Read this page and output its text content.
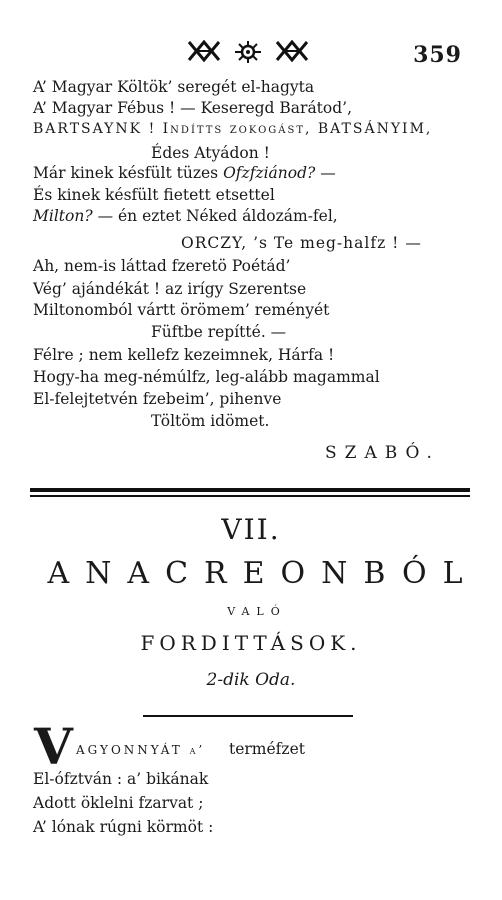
359
A’ Magyar Költök’ seregét el-hagyta
A’ Magyar Fébus ! — Keseregd Barátod’,
BARTSAYNK ! Indítts zokogást, BATSÁNYIM,
Édes Atyádon !
Már kinek késfült tüzes Ofzfziánod? —
És kinek késfült fietett etsettel
Milton? — én eztet Néked áldozám-fel,
ORCZY, ’s Te meg-halfz ! —
Ah, nem-is láttad fzeretö Poétád’
Vég’ ajándékát ! az irígy Szerentse
Miltonomból vártt örömem’ reményét
Füftbe repítté. —
Félre ; nem kellefz kezeimnek, Hárfa !
Hogy-ha meg-némúlfz, leg-alább magammal
El-felejtetvén fzebeim’, pihenve
Töltöm idömet.
SZABÓ.
VII.
ANACREONBÓL
VALÓ
FORDITTÁSOK.
2-dik Oda.
V AGYONNYÁT a’ terméfzet
El-ófztván : a’ bikának
Adott öklelni fzarvat ;
A’ lónak rúgni körmöt :
